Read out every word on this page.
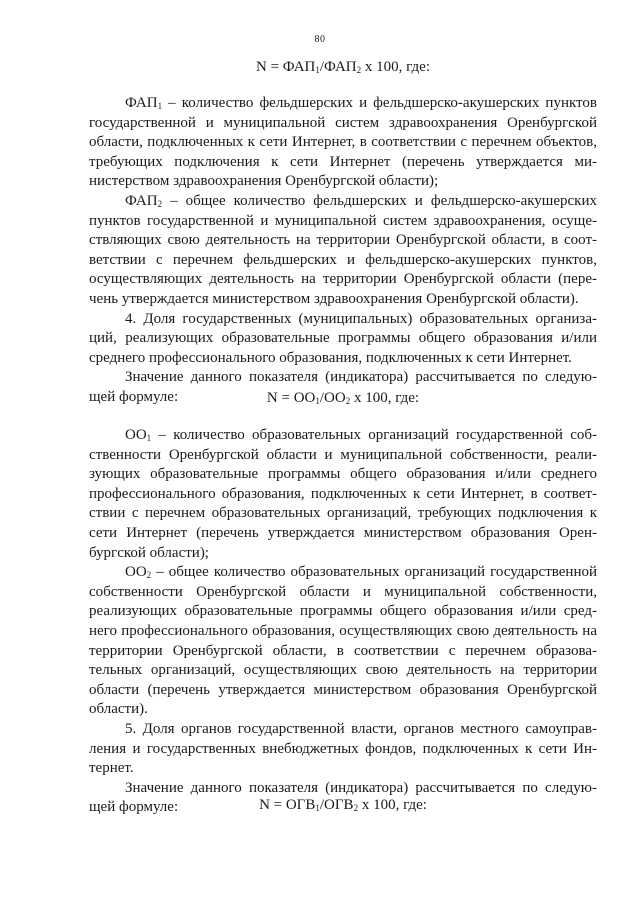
80
$N = ФАП_1/ФАП_2$ x 100, где:

$ФАП_1$ – количество фельдшерских и фельдшерско-акушерских пунктов государственной и муниципальной систем здравоохранения Оренбургской области, подключенных к сети Интернет, в соответствии с перечнем объектов, требующих подключения к сети Интернет (перечень утверждается министерством здравоохранения Оренбургской области);

$ФАП_2$ – общее количество фельдшерских и фельдшерско-акушерских пунктов государственной и муниципальной систем здравоохранения, осуществляющих свою деятельность на территории Оренбургской области, в соответствии с перечнем фельдшерских и фельдшерско-акушерских пунктов, осуществляющих деятельность на территории Оренбургской области (перечень утверждается министерством здравоохранения Оренбургской области).

4. Доля государственных (муниципальных) образовательных организаций, реализующих образовательные программы общего образования и/или среднего профессионального образования, подключенных к сети Интернет.

Значение данного показателя (индикатора) рассчитывается по следующей формуле:	$N = ОО_1/ОО_2$ x 100, где:

$ОО_1$ – количество образовательных организаций государственной собственности Оренбургской области и муниципальной собственности, реализующих образовательные программы общего образования и/или среднего профессионального образования, подключенных к сети Интернет, в соответствии с перечнем образовательных организаций, требующих подключения к сети Интернет (перечень утверждается министерством образования Оренбургской области);

$ОО_2$ – общее количество образовательных организаций государственной собственности Оренбургской области и муниципальной собственности, реализующих образовательные программы общего образования и/или среднего профессионального образования, осуществляющих свою деятельность на территории Оренбургской области, в соответствии с перечнем образовательных организаций, осуществляющих свою деятельность на территории области (перечень утверждается министерством образования Оренбургской области).

5. Доля органов государственной власти, органов местного самоуправления и государственных внебюджетных фондов, подключенных к сети Интернет.

Значение данного показателя (индикатора) рассчитывается по следующей формуле:	$N = ОГВ_1/ОГВ_2$ x 100, где:
